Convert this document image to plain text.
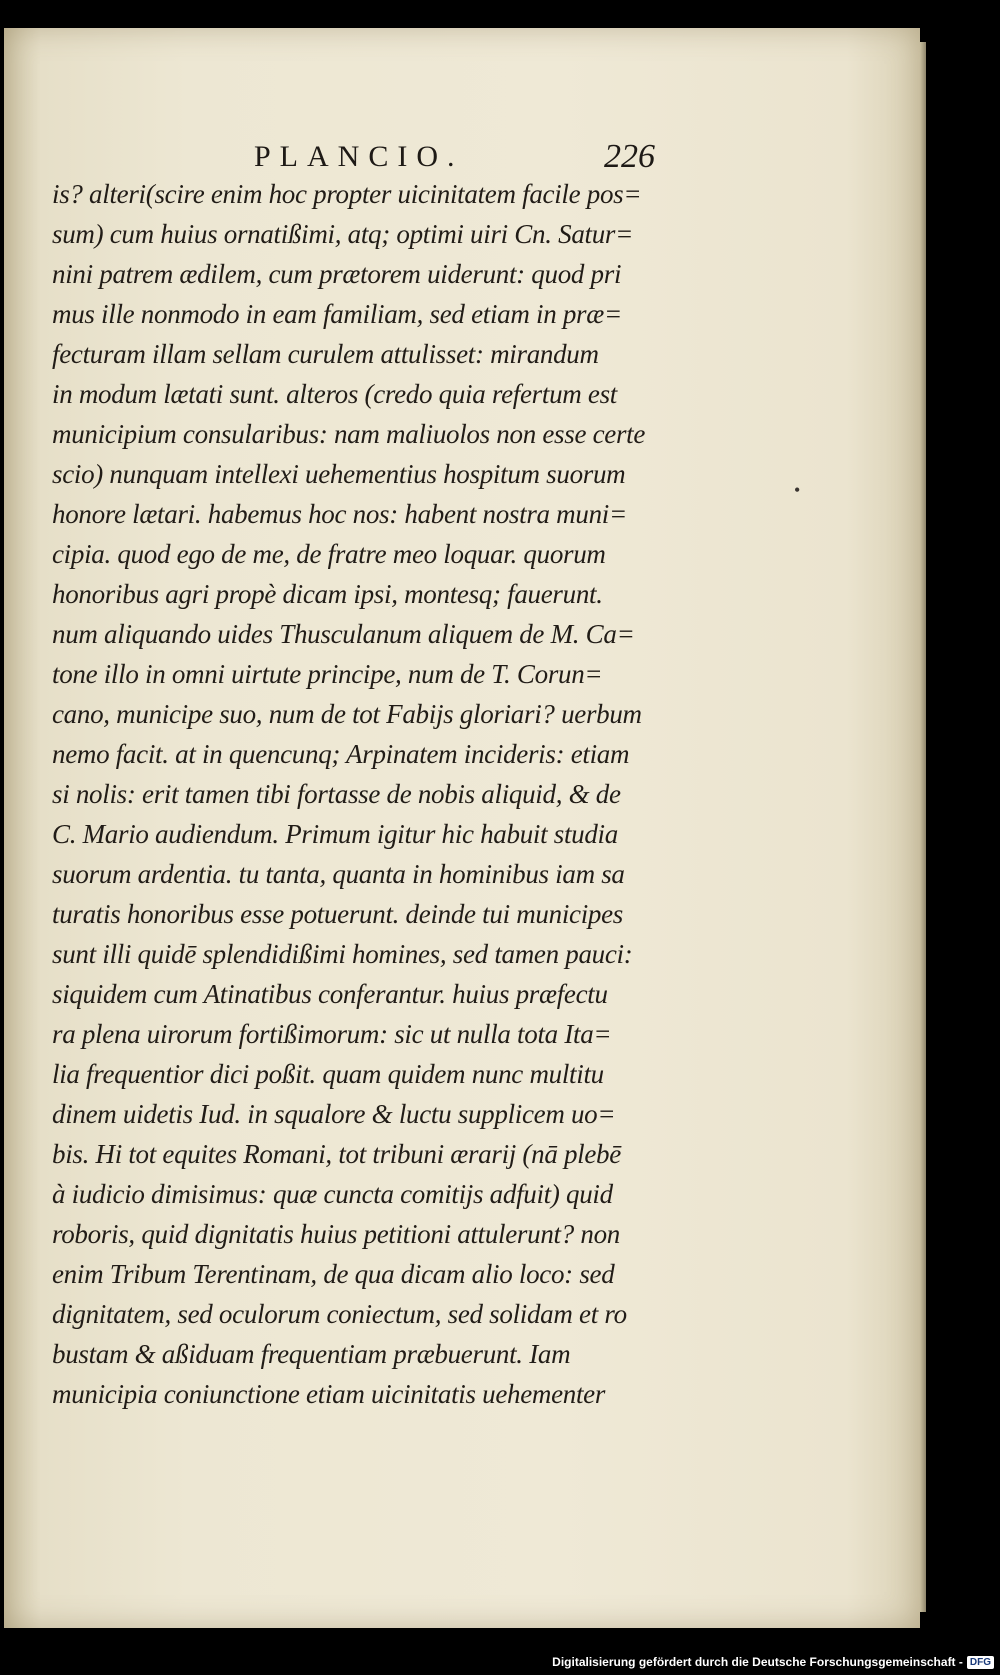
PLANCIO.	226
is? alteri(scire enim hoc propter uicinitatem facile pos=
sum) cum huius ornatißimi, atq; optimi uiri Cn. Satur=
nini patrem ædilem, cum prætorem uiderunt: quod pri
mus ille nonmodo in eam familiam, sed etiam in præ=
fecturam illam sellam curulem attulisset: mirandum
in modum lætati sunt. alteros (credo quia refertum est
municipium consularibus: nam maliuolos non esse certe
scio) nunquam intellexi uehementius hospitum suorum
honore lætari. habemus hoc nos: habent nostra muni=
cipia. quod ego de me, de fratre meo loquar. quorum
honoribus agri propè dicam ipsi, montesq; fauerunt.
num aliquando uides Thusculanum aliquem de M. Ca=
tone illo in omni uirtute principe, num de T. Corun=
cano, municipe suo, num de tot Fabijs gloriari? uerbum
nemo facit. at in quencunq; Arpinatem incideris: etiam
si nolis: erit tamen tibi fortasse de nobis aliquid, & de
C. Mario audiendum. Primum igitur hic habuit studia
suorum ardentia. tu tanta, quanta in hominibus iam sa
turatis honoribus esse potuerunt. deinde tui municipes
sunt illi quidē splendidißimi homines, sed tamen pauci:
siquidem cum Atinatibus conferantur. huius præfectu
ra plena uirorum fortißimorum: sic ut nulla tota Ita=
lia frequentior dici poßit. quam quidem nunc multitu
dinem uidetis Iud. in squalore & luctu supplicem uo=
bis. Hi tot equites Romani, tot tribuni ærarij (nā plebē
à iudicio dimisimus: quæ cuncta comitijs adfuit) quid
roboris, quid dignitatis huius petitioni attulerunt? non
enim Tribum Terentinam, de qua dicam alio loco: sed
dignitatem, sed oculorum coniectum, sed solidam et ro
bustam & aßiduam frequentiam præbuerunt. Iam
municipia coniunctione etiam uicinitatis uehementer
•
Digitalisierung gefördert durch die Deutsche Forschungsgemeinschaft - DFG
